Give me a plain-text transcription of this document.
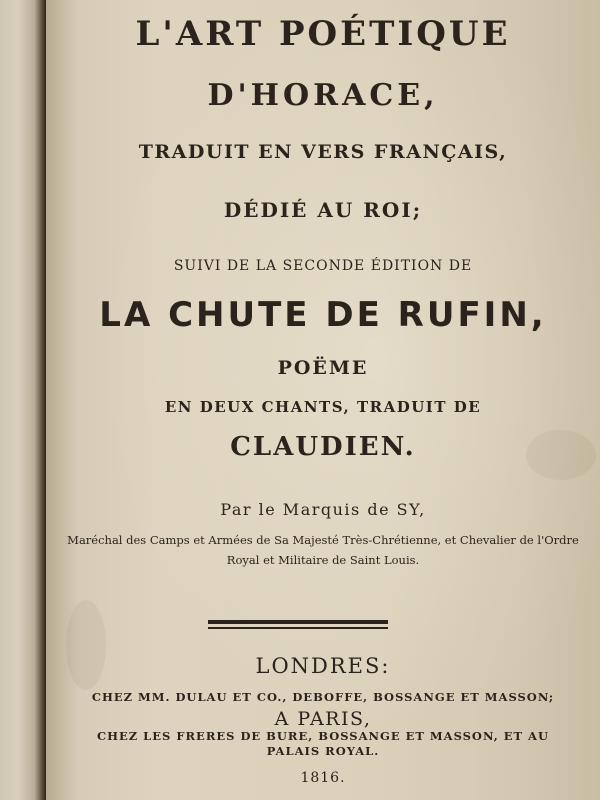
L'ART POÉTIQUE
D'HORACE,
TRADUIT EN VERS FRANÇAIS,
DÉDIÉ AU ROI;
SUIVI DE LA SECONDE ÉDITION DE
LA CHUTE DE RUFIN,
POËME
EN DEUX CHANTS, TRADUIT DE
CLAUDIEN.
Par le Marquis de SY,
Maréchal des Camps et Armées de Sa Majesté Très-Chrétienne, et Chevalier de l'Ordre
Royal et Militaire de Saint Louis.
LONDRES:
CHEZ MM. DULAU ET CO., DEBOFFE, BOSSANGE ET MASSON;
A PARIS,
CHEZ LES FRERES DE BURE, BOSSANGE ET MASSON, ET AU
PALAIS ROYAL.
1816.
